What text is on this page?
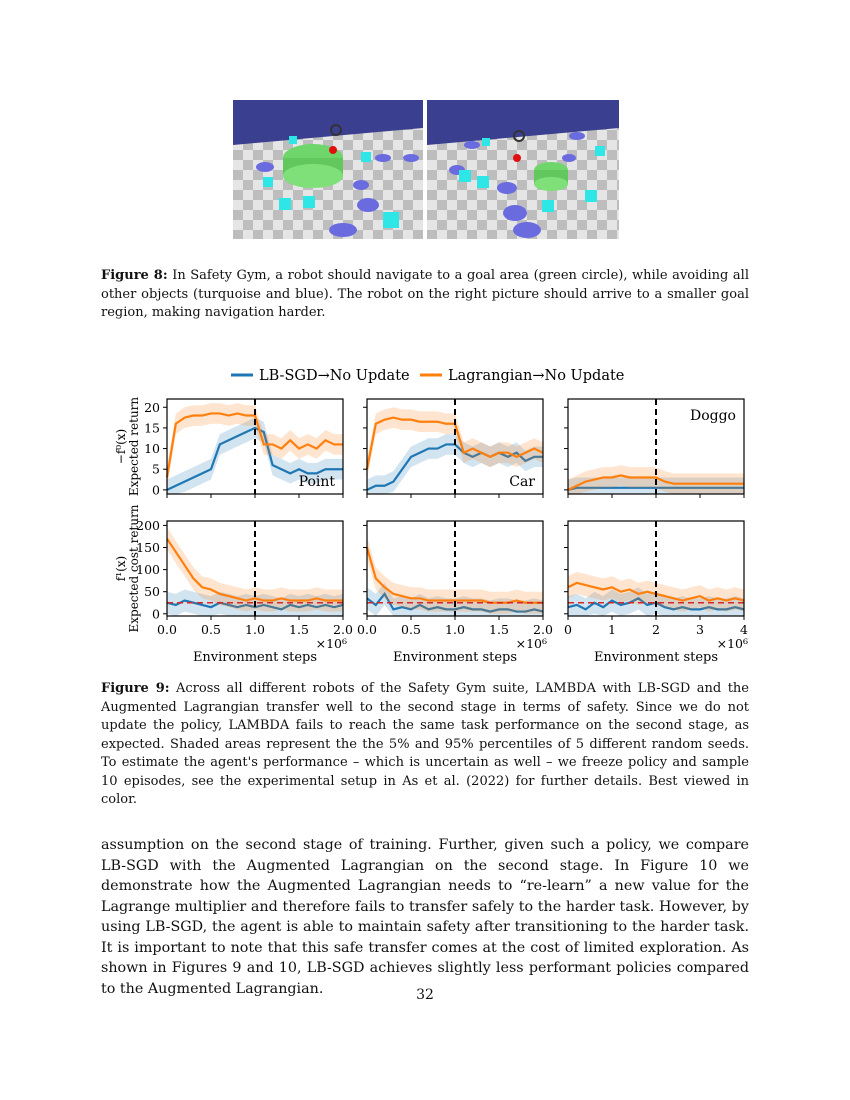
Figure 8: In Safety Gym, a robot should navigate to a goal area (green circle), while avoiding all other objects (turquoise and blue). The robot on the right picture should arrive to a smaller goal region, making navigation harder.
LB-SGD→No Update	Lagrangian→No Update
−f⁰(x) Expected return
f¹(x) Expected cost return
0
5
10
15
20
Point
0
50
100
150
200
0.0 0.5 1.0 1.5 2.0
×10⁶
Environment steps
Car
0.0 0.5 1.0 1.5 2.0
×10⁶
Environment steps
Doggo
0	1	2	3	4
×10⁶
Environment steps
Figure 9: Across all different robots of the Safety Gym suite, LAMBDA with LB-SGD and the Augmented Lagrangian transfer well to the second stage in terms of safety. Since we do not update the policy, LAMBDA fails to reach the same task performance on the second stage, as expected. Shaded areas represent the the 5% and 95% percentiles of 5 different random seeds. To estimate the agent's performance – which is uncertain as well – we freeze policy and sample 10 episodes, see the experimental setup in As et al. (2022) for further details. Best viewed in color.
assumption on the second stage of training. Further, given such a policy, we compare LB-SGD with the Augmented Lagrangian on the second stage. In Figure 10 we demonstrate how the Augmented Lagrangian needs to “re-learn” a new value for the Lagrange multiplier and therefore fails to transfer safely to the harder task. However, by using LB-SGD, the agent is able to maintain safety after transitioning to the harder task. It is important to note that this safe transfer comes at the cost of limited exploration. As shown in Figures 9 and 10, LB-SGD achieves slightly less performant policies compared to the Augmented Lagrangian.	32
